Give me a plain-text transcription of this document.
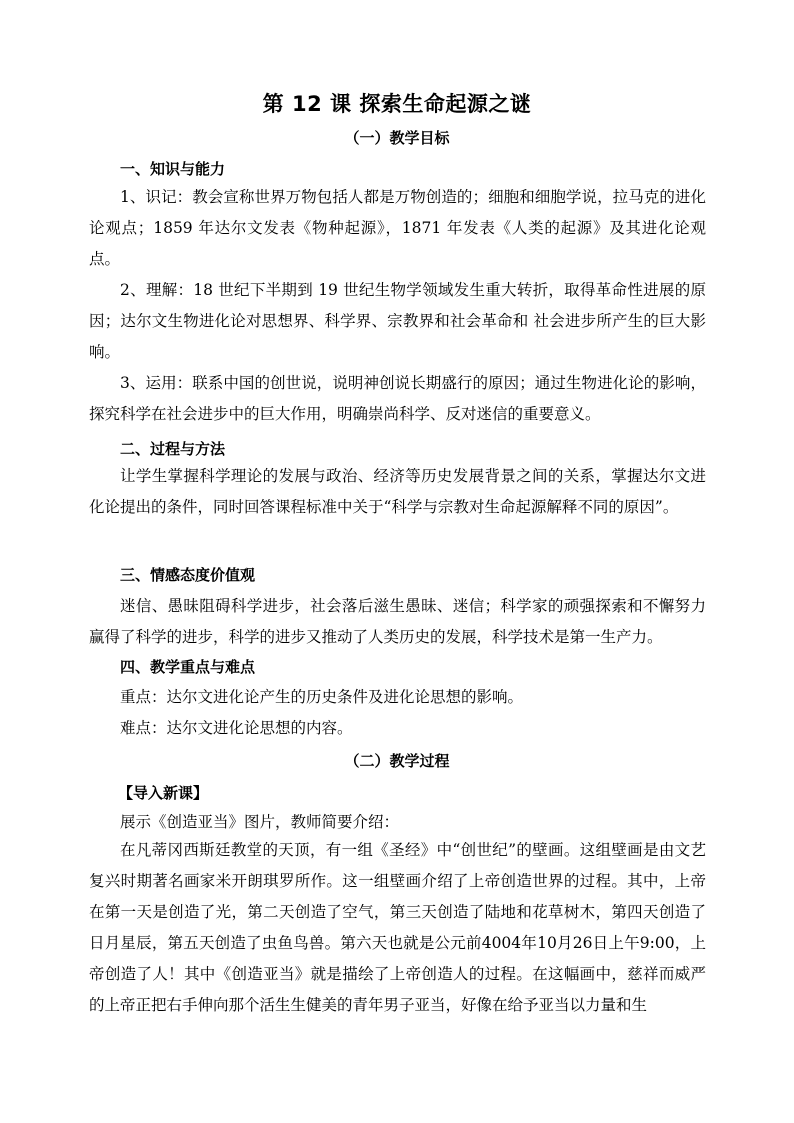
第 12 课 探索生命起源之谜
（一）教学目标
一、知识与能力

1、识记：教会宣称世界万物包括人都是万物创造的；细胞和细胞学说，拉马克的进化论观点；1859 年达尔文发表《物种起源》，1871 年发表《人类的起源》及其进化论观点。

2、理解：18 世纪下半期到 19 世纪生物学领域发生重大转折，取得革命性进展的原因；达尔文生物进化论对思想界、科学界、宗教界和社会革命和 社会进步所产生的巨大影响。

3、运用：联系中国的创世说，说明神创说长期盛行的原因；通过生物进化论的影响，探究科学在社会进步中的巨大作用，明确崇尚科学、反对迷信的重要意义。

二、过程与方法

让学生掌握科学理论的发展与政治、经济等历史发展背景之间的关系，掌握达尔文进化论提出的条件，同时回答课程标准中关于“科学与宗教对生命起源解释不同的原因”。

三、情感态度价值观

迷信、愚昧阻碍科学进步，社会落后滋生愚昧、迷信；科学家的顽强探索和不懈努力赢得了科学的进步，科学的进步又推动了人类历史的发展，科学技术是第一生产力。

四、教学重点与难点
重点：达尔文进化论产生的历史条件及进化论思想的影响。
难点：达尔文进化论思想的内容。
（二）教学过程
【导入新课】
展示《创造亚当》图片，教师简要介绍：

在凡蒂冈西斯廷教堂的天顶，有一组《圣经》中“创世纪”的壁画。这组壁画是由文艺复兴时期著名画家米开朗琪罗所作。这一组壁画介绍了上帝创造世界的过程。其中，上帝在第一天是创造了光，第二天创造了空气，第三天创造了陆地和花草树木，第四天创造了日月星辰，第五天创造了虫鱼鸟兽。第六天也就是公元前4004年10月26日上午9:00，上帝创造了人！其中《创造亚当》就是描绘了上帝创造人的过程。在这幅画中，慈祥而威严的上帝正把右手伸向那个活生生健美的青年男子亚当，好像在给予亚当以力量和生
